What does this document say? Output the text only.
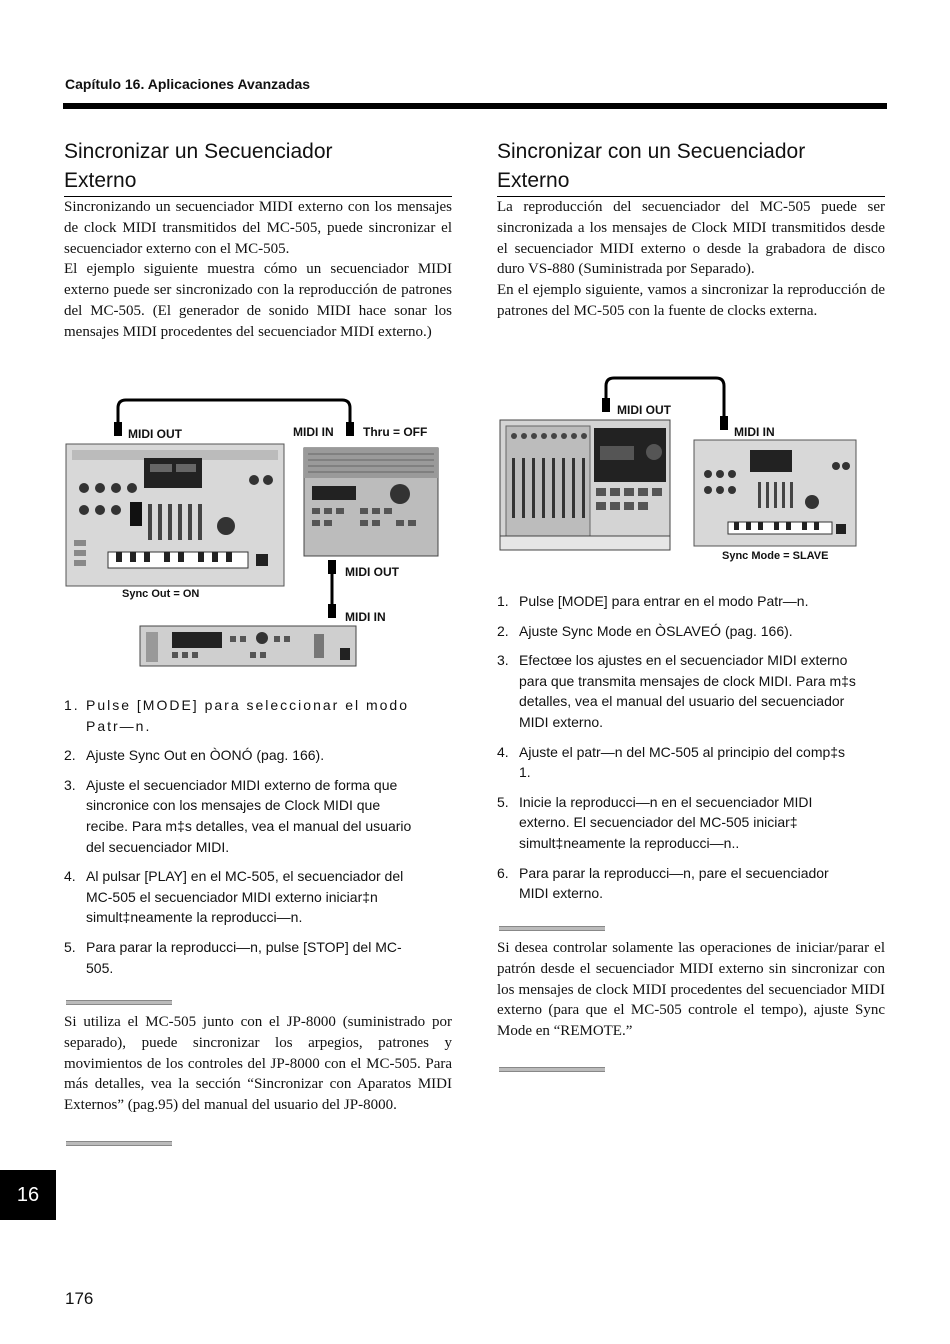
Capítulo 16. Aplicaciones Avanzadas
Sincronizar un Secuenciador
Externo

Sincronizando un secuenciador MIDI externo con los mensajes de clock MIDI transmitidos del MC-505, puede sincronizar el secuenciador externo con el MC-505.

El ejemplo siguiente muestra cómo un secuenciador MIDI externo puede ser sincronizado con la reproducción de patrones del MC-505. (El generador de sonido MIDI hace sonar los mensajes MIDI procedentes del secuenciador MIDI externo.)

MIDI OUT	MIDI IN Thru = OFF
MIDI OUT
MIDI IN
Sync Out = ON
1. Pulse [MODE] para seleccionar el modo Patr—n.
2. Ajuste Sync Out en ÒONÓ (pag. 166).
3. Ajuste el secuenciador MIDI externo de forma que sincronice con los mensajes de Clock MIDI que recibe. Para m‡s detalles, vea el manual del usuario del secuenciador MIDI.
4. Al pulsar [PLAY] en el MC-505, el secuenciador del MC-505 el secuenciador MIDI externo iniciar‡n simult‡neamente la reproducci—n.
5. Para parar la reproducci—n, pulse [STOP] del MC-505.
Si utiliza el MC-505 junto con el JP-8000 (suministrado por separado), puede sincronizar los arpegios, patrones y movimientos de los controles del JP-8000 con el MC-505. Para más detalles, vea la sección “Sincronizar con Aparatos MIDI Externos” (pag.95) del manual del usuario del JP-8000.
Sincronizar con un Secuenciador
Externo

La reproducción del secuenciador del MC-505 puede ser sincronizada a los mensajes de Clock MIDI transmitidos desde el secuenciador MIDI externo o desde la grabadora de disco duro VS-880 (Suministrada por Separado).

En el ejemplo siguiente, vamos a sincronizar la reproducción de patrones del MC-505 con la fuente de clocks externa.

MIDI OUT
MIDI IN
Sync Mode = SLAVE
1. Pulse [MODE] para entrar en el modo Patr—n.
2. Ajuste Sync Mode en ÒSLAVEÓ (pag. 166).
3. Efectœe los ajustes en el secuenciador MIDI externo para que transmita mensajes de clock MIDI. Para m‡s detalles, vea el manual del usuario del secuenciador MIDI externo.
4. Ajuste el patr—n del MC-505 al principio del comp‡s 1.
5. Inicie la reproducci—n en el secuenciador MIDI externo. El secuenciador del MC-505 iniciar‡ simult‡neamente la reproducci—n..
6. Para parar la reproducci—n, pare el secuenciador MIDI externo.
Si desea controlar solamente las operaciones de iniciar/parar el patrón desde el secuenciador MIDI externo sin sincronizar con los mensajes de clock MIDI procedentes del secuenciador MIDI externo (para que el MC-505 controle el tempo), ajuste Sync Mode en “REMOTE.”
16
176
